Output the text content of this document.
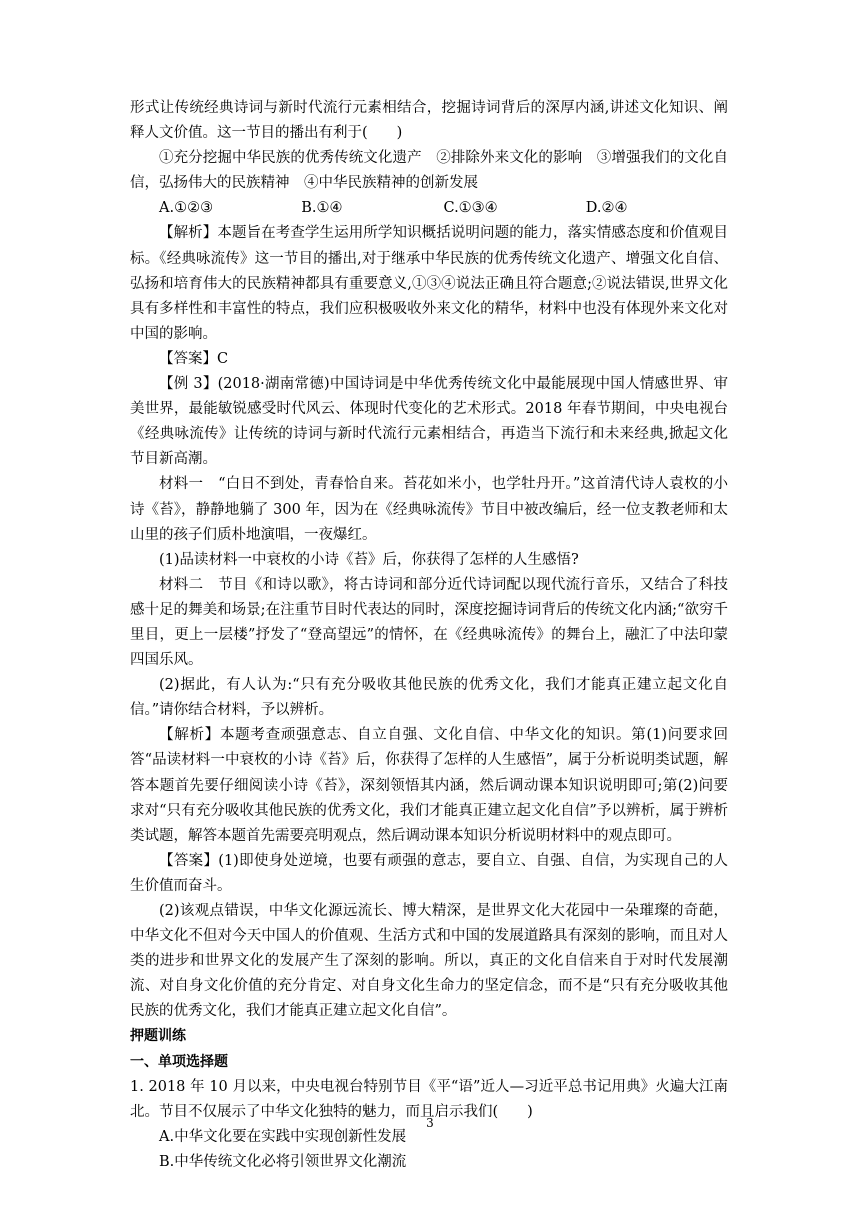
形式让传统经典诗词与新时代流行元素相结合，挖掘诗词背后的深厚内涵,讲述文化知识、阐释人文价值。这一节目的播出有利于(　　)

①充分挖掘中华民族的优秀传统文化遗产　②排除外来文化的影响　③增强我们的文化自信，弘扬伟大的民族精神　④中华民族精神的创新发展

A.①②③	B.①④	C.①③④	D.②④

【解析】本题旨在考查学生运用所学知识概括说明问题的能力，落实情感态度和价值观目标。《经典咏流传》这一节目的播出,对于继承中华民族的优秀传统文化遗产、增强文化自信、 弘扬和培育伟大的民族精神都具有重要意义,①③④说法正确且符合题意;②说法错误,世界文化具有多样性和丰富性的特点，我们应积极吸收外来文化的精华，材料中也没有体现外来文化对中国的影响。

【答案】C

【例 3】(2018·湖南常德)中国诗词是中华优秀传统文化中最能展现中国人情感世界、审美世界，最能敏锐感受时代风云、体现时代变化的艺术形式。2018 年春节期间，中央电视台《经典咏流传》让传统的诗词与新时代流行元素相结合，再造当下流行和未来经典,掀起文化节目新高潮。

材料一　“白日不到处，青春恰自来。苔花如米小，也学牡丹开。”这首清代诗人袁枚的小诗《苔》，静静地躺了 300 年，因为在《经典咏流传》节目中被改编后，经一位支教老师和太山里的孩子们质朴地演唱，一夜爆红。

(1)品读材料一中衰枚的小诗《苔》后，你获得了怎样的人生感悟?

材料二　节目《和诗以歌》，将古诗词和部分近代诗词配以现代流行音乐，又结合了科技感十足的舞美和场景;在注重节目时代表达的同时，深度挖掘诗词背后的传统文化内涵;“欲穷千里目，更上一层楼”抒发了“登高望远”的情怀，在《经典咏流传》的舞台上，融汇了中法印蒙四国乐风。

(2)据此，有人认为:“只有充分吸收其他民族的优秀文化，我们才能真正建立起文化自信。”请你结合材料，予以辨析。

【解析】本题考查顽强意志、自立自强、文化自信、中华文化的知识。第(1)问要求回答“品读材料一中衰枚的小诗《苔》后，你获得了怎样的人生感悟”，属于分析说明类试题，解答本题首先要仔细阅读小诗《苔》，深刻领悟其内涵，然后调动课本知识说明即可;第(2)问要求对“只有充分吸收其他民族的优秀文化，我们才能真正建立起文化自信”予以辨析，属于辨析类试题，解答本题首先需要亮明观点，然后调动课本知识分析说明材料中的观点即可。

【答案】(1)即使身处逆境，也要有顽强的意志，要自立、自强、自信，为实现自己的人生价值而奋斗。

(2)该观点错误，中华文化源远流长、博大精深，是世界文化大花园中一朵璀璨的奇葩，中华文化不但对今天中国人的价值观、生活方式和中国的发展道路具有深刻的影响，而且对人类的进步和世界文化的发展产生了深刻的影响。所以，真正的文化自信来自于对时代发展潮流、对自身文化价值的充分肯定、对自身文化生命力的坚定信念，而不是“只有充分吸收其他民族的优秀文化，我们才能真正建立起文化自信”。

押题训练

一、单项选择题

1. 2018 年 10 月以来，中央电视台特别节目《平“语”近人—习近平总书记用典》火遍大江南北。节目不仅展示了中华文化独特的魅力，而且启示我们(　　)

A.中华文化要在实践中实现创新性发展

B.中华传统文化必将引领世界文化潮流

3
